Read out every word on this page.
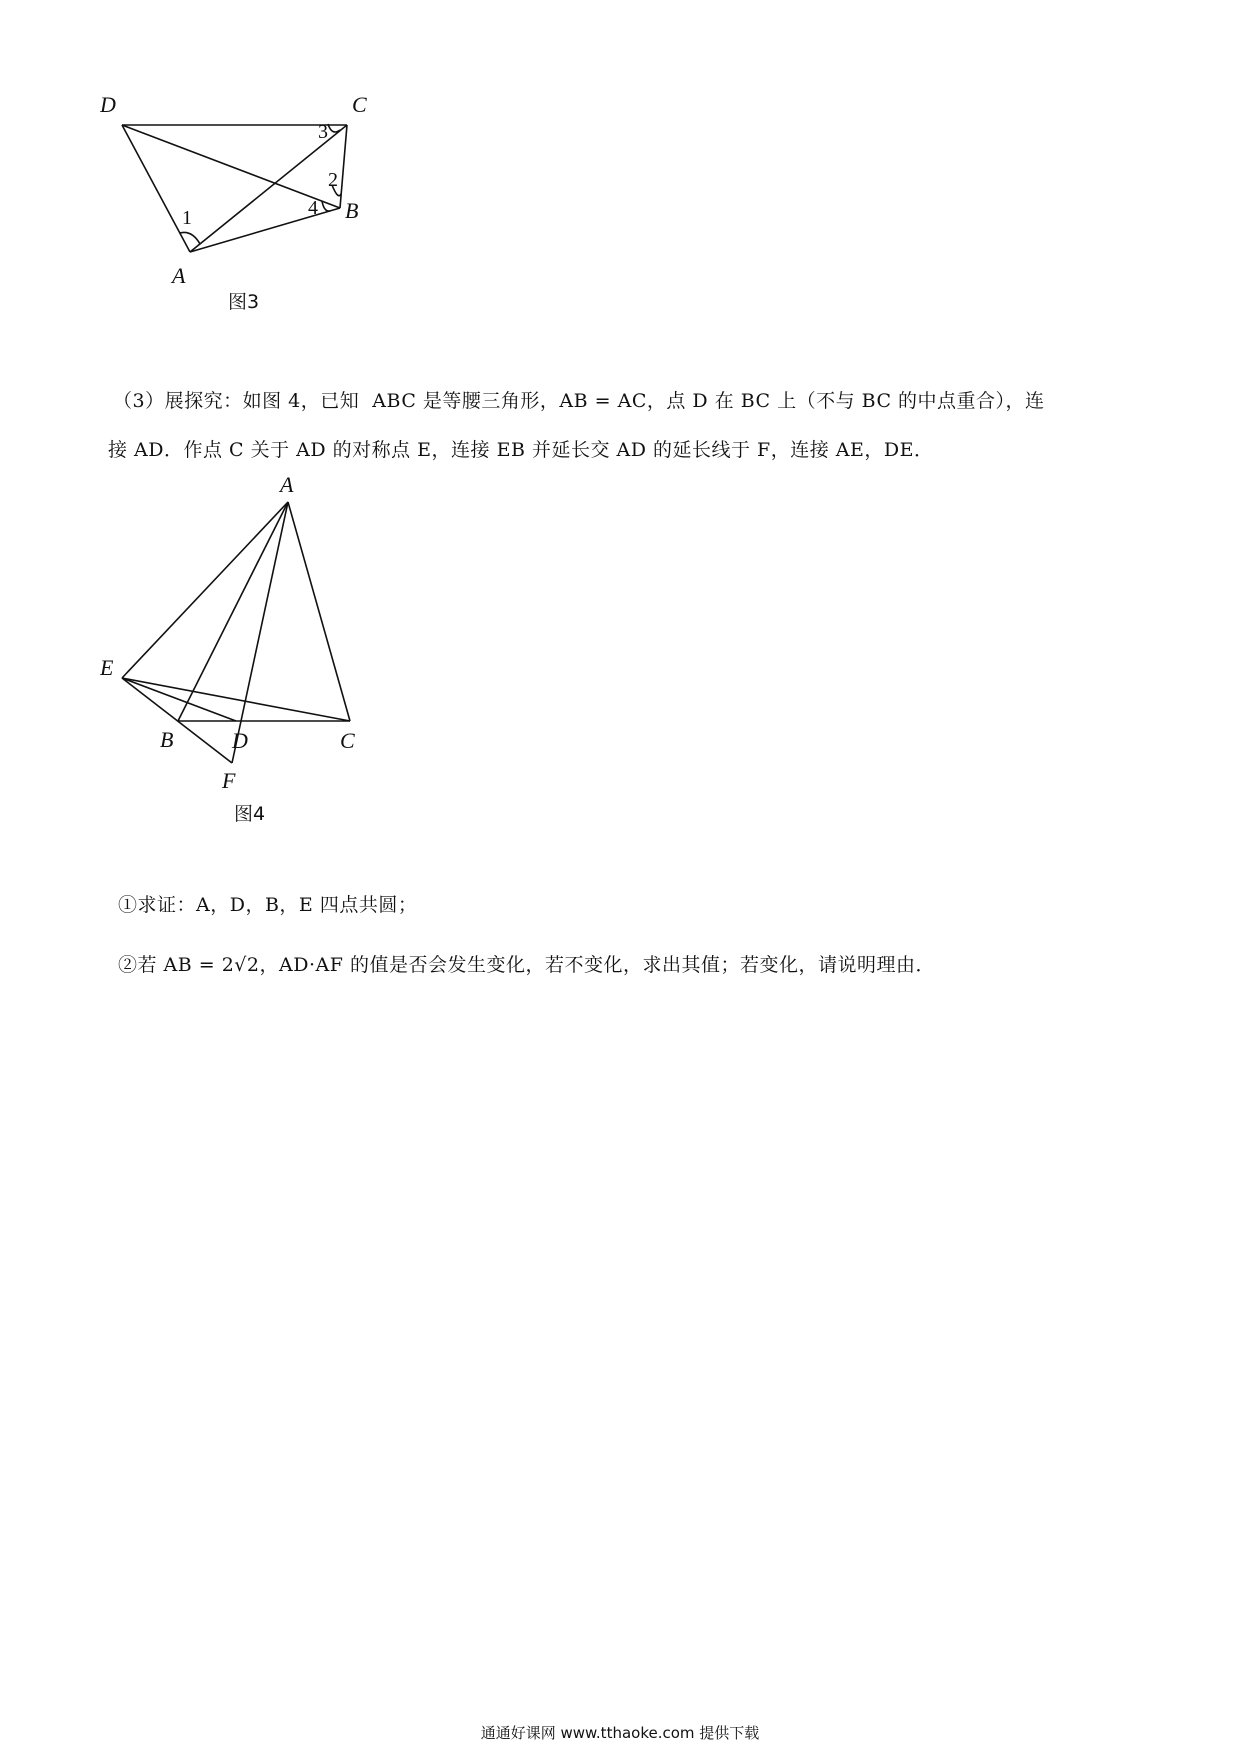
D	C
B
A
1
3
2
4
图3
（3）展探究：如图 4，已知  ABC 是等腰三角形，AB = AC，点 D 在 BC 上（不与 BC 的中点重合），连
接 AD．作点 C 关于 AD 的对称点 E，连接 EB 并延长交 AD 的延长线于 F，连接 AE，DE．
A
E
B	D	C
F
图4
①求证：A，D，B，E 四点共圆；
②若 AB = 2√2，AD·AF 的值是否会发生变化，若不变化，求出其值；若变化，请说明理由．
通通好课网 www.tthaoke.com 提供下载
